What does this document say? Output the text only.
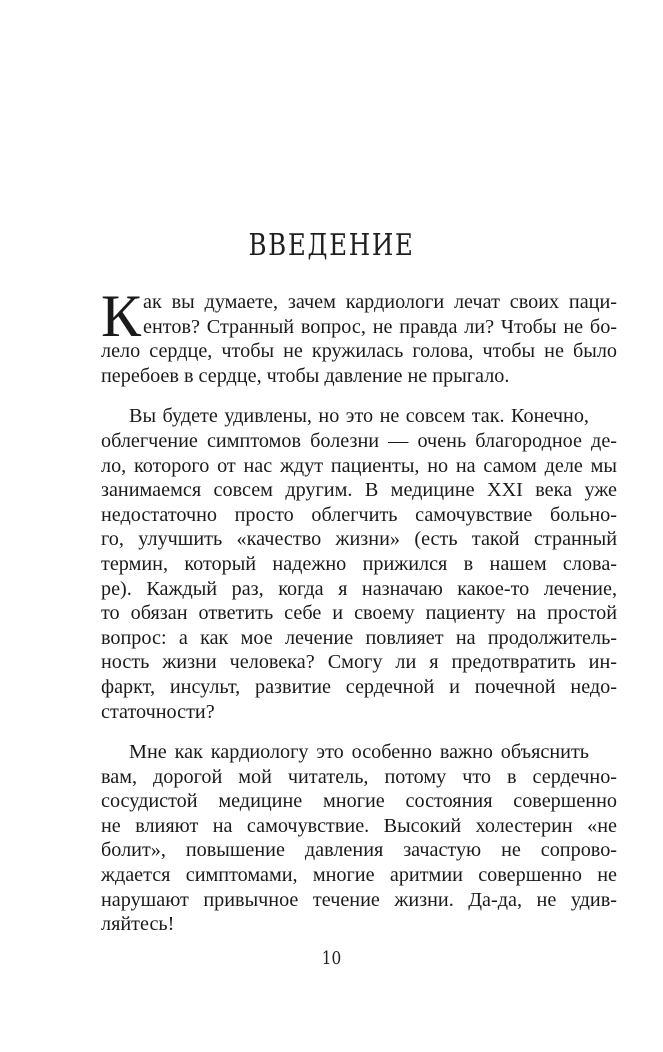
ВВЕДЕНИЕ
К ак вы думаете, зачем кардиологи лечат своих паци-
ентов? Странный вопрос, не правда ли? Чтобы не бо-
лело сердце, чтобы не кружилась голова, чтобы не было
перебоев в сердце, чтобы давление не прыгало.
Вы будете удивлены, но это не совсем так. Конечно,
облегчение симптомов болезни — очень благородное де-
ло, которого от нас ждут пациенты, но на самом деле мы
занимаемся совсем другим. В медицине XXI века уже
недостаточно просто облегчить самочувствие больно-
го, улучшить «качество жизни» (есть такой странный
термин, который надежно прижился в нашем слова-
ре). Каждый раз, когда я назначаю какое-то лечение,
то обязан ответить себе и своему пациенту на простой
вопрос: а как мое лечение повлияет на продолжитель-
ность жизни человека? Смогу ли я предотвратить ин-
фаркт, инсульт, развитие сердечной и почечной недо-
статочности?
Мне как кардиологу это особенно важно объяснить
вам, дорогой мой читатель, потому что в сердечно-
сосудистой медицине многие состояния совершенно
не влияют на самочувствие. Высокий холестерин «не
болит», повышение давления зачастую не сопрово-
ждается симптомами, многие аритмии совершенно не
нарушают привычное течение жизни. Да-да, не удив-
ляйтесь!
10
